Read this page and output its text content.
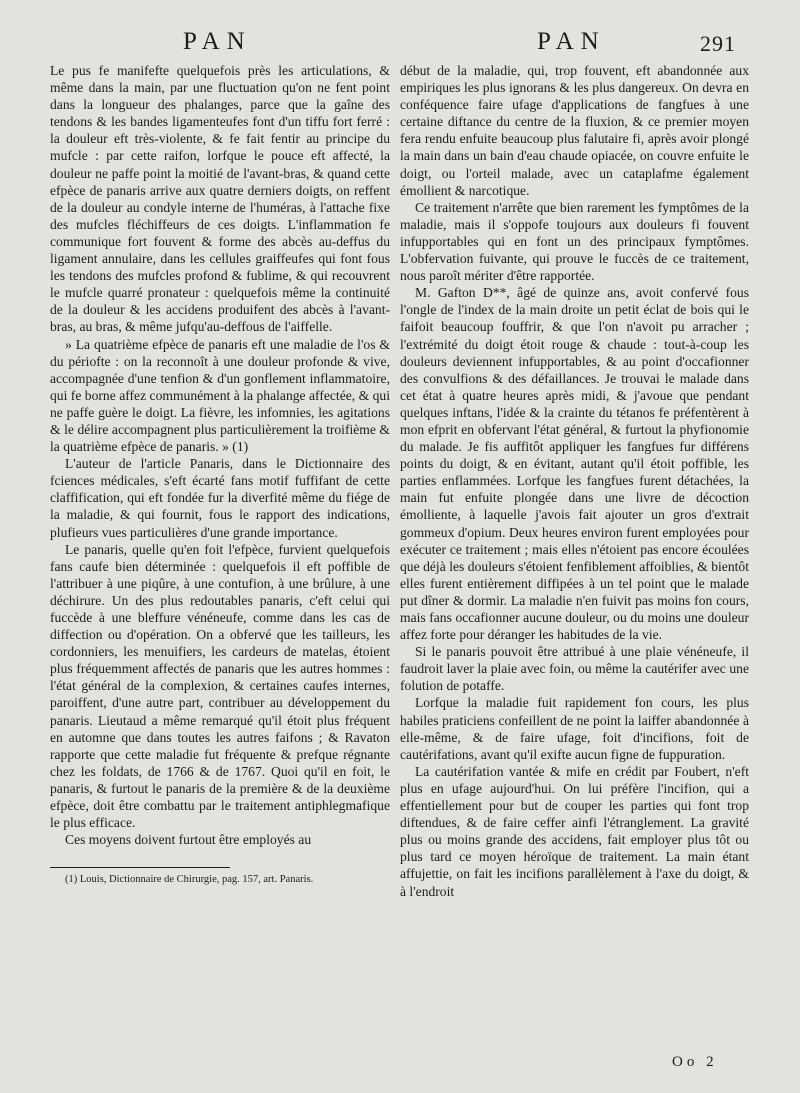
PAN	PAN	291

Le pus fe manifefte quelquefois près les articulations, & même dans la main, par une fluctuation qu'on ne fent point dans la longueur des phalanges, parce que la gaîne des tendons & les bandes ligamenteufes font d'un tiffu fort ferré : la douleur eft très-violente, & fe fait fentir au principe du mufcle : par cette raifon, lorfque le pouce eft affecté, la douleur ne paffe point la moitié de l'avant-bras, & quand cette efpèce de panaris arrive aux quatre derniers doigts, on reffent de la douleur au condyle interne de l'huméras, à l'attache fixe des mufcles fléchiffeurs de ces doigts. L'inflammation fe communique fort fouvent & forme des abcès au-deffus du ligament annulaire, dans les cellules graiffeufes qui font fous les tendons des mufcles profond & fublime, & qui recouvrent le mufcle quarré pronateur : quelquefois même la continuité de la douleur & les accidens produifent des abcès à l'avant-bras, au bras, & même jufqu'au-deffous de l'aiffelle.

» La quatrième efpèce de panaris eft une maladie de l'os & du périofte : on la reconnoît à une douleur profonde & vive, accompagnée d'une tenfion & d'un gonflement inflammatoire, qui fe borne affez communément à la phalange affectée, & qui ne paffe guère le doigt. La fièvre, les infomnies, les agitations & le délire accompagnent plus particulièrement la troifième & la quatrième efpèce de panaris. » (1)

L'auteur de l'article Panaris, dans le Dictionnaire des fciences médicales, s'eft écarté fans motif fuffifant de cette claffification, qui eft fondée fur la diverfité même du fiége de la maladie, & qui fournit, fous le rapport des indications, plufieurs vues particulières d'une grande importance.

Le panaris, quelle qu'en foit l'efpèce, furvient quelquefois fans caufe bien déterminée : quelquefois il eft poffible de l'attribuer à une piqûre, à une contufion, à une brûlure, à une déchirure. Un des plus redoutables panaris, c'eft celui qui fuccède à une bleffure vénéneufe, comme dans les cas de diffection ou d'opération. On a obfervé que les tailleurs, les cordonniers, les menuifiers, les cardeurs de matelas, étoient plus fréquemment affectés de panaris que les autres hommes : l'état général de la complexion, & certaines caufes internes, paroiffent, d'une autre part, contribuer au développement du panaris. Lieutaud a même remarqué qu'il étoit plus fréquent en automne que dans toutes les autres faifons ; & Ravaton rapporte que cette maladie fut fréquente & prefque régnante chez les foldats, de 1766 & de 1767. Quoi qu'il en foit, le panaris, & furtout le panaris de la première & de la deuxième efpèce, doit être combattu par le traitement antiphlegmafique le plus efficace.

Ces moyens doivent furtout être employés au

(1) Louis, Dictionnaire de Chirurgie, pag. 157, art. Panaris.

début de la maladie, qui, trop fouvent, eft abandonnée aux empiriques les plus ignorans & les plus dangereux. On devra en conféquence faire ufage d'applications de fangfues à une certaine diftance du centre de la fluxion, & ce premier moyen fera rendu enfuite beaucoup plus falutaire fi, après avoir plongé la main dans un bain d'eau chaude opiacée, on couvre enfuite le doigt, ou l'orteil malade, avec un cataplafme également émollient & narcotique.

Ce traitement n'arrête que bien rarement les fymptômes de la maladie, mais il s'oppofe toujours aux douleurs fi fouvent infupportables qui en font un des principaux fymptômes. L'obfervation fuivante, qui prouve le fuccès de ce traitement, nous paroît mériter d'être rapportée.

M. Gafton D**, âgé de quinze ans, avoit confervé fous l'ongle de l'index de la main droite un petit éclat de bois qui le faifoit beaucoup fouffrir, & que l'on n'avoit pu arracher ; l'extrémité du doigt étoit rouge & chaude : tout-à-coup les douleurs deviennent infupportables, & au point d'occafionner des convulfions & des défaillances. Je trouvai le malade dans cet état à quatre heures après midi, & j'avoue que pendant quelques inftans, l'idée & la crainte du tétanos fe préfentèrent à mon efprit en obfervant l'état général, & furtout la phyfionomie du malade. Je fis auffitôt appliquer les fangfues fur différens points du doigt, & en évitant, autant qu'il étoit poffible, les parties enflammées. Lorfque les fangfues furent détachées, la main fut enfuite plongée dans une livre de décoction émolliente, à laquelle j'avois fait ajouter un gros d'extrait gommeux d'opium. Deux heures environ furent employées pour exécuter ce traitement ; mais elles n'étoient pas encore écoulées que déjà les douleurs s'étoient fenfiblement affoiblies, & bientôt elles furent entièrement diffipées à un tel point que le malade put dîner & dormir. La maladie n'en fuivit pas moins fon cours, mais fans occafionner aucune douleur, ou du moins une douleur affez forte pour déranger les habitudes de la vie.

Si le panaris pouvoit être attribué à une plaie vénéneufe, il faudroit laver la plaie avec foin, ou même la cautérifer avec une folution de potaffe.

Lorfque la maladie fuit rapidement fon cours, les plus habiles praticiens confeillent de ne point la laiffer abandonnée à elle-même, & de faire ufage, foit d'incifions, foit de cautérifations, avant qu'il exifte aucun figne de fuppuration.

La cautérifation vantée & mife en crédit par Foubert, n'eft plus en ufage aujourd'hui. On lui préfère l'incifion, qui a effentiellement pour but de couper les parties qui font trop diftendues, & de faire ceffer ainfi l'étranglement. La gravité plus ou moins grande des accidens, fait employer plus tôt ou plus tard ce moyen héroïque de traitement. La main étant affujettie, on fait les incifions parallèlement à l'axe du doigt, & à l'endroit

Oo 2
